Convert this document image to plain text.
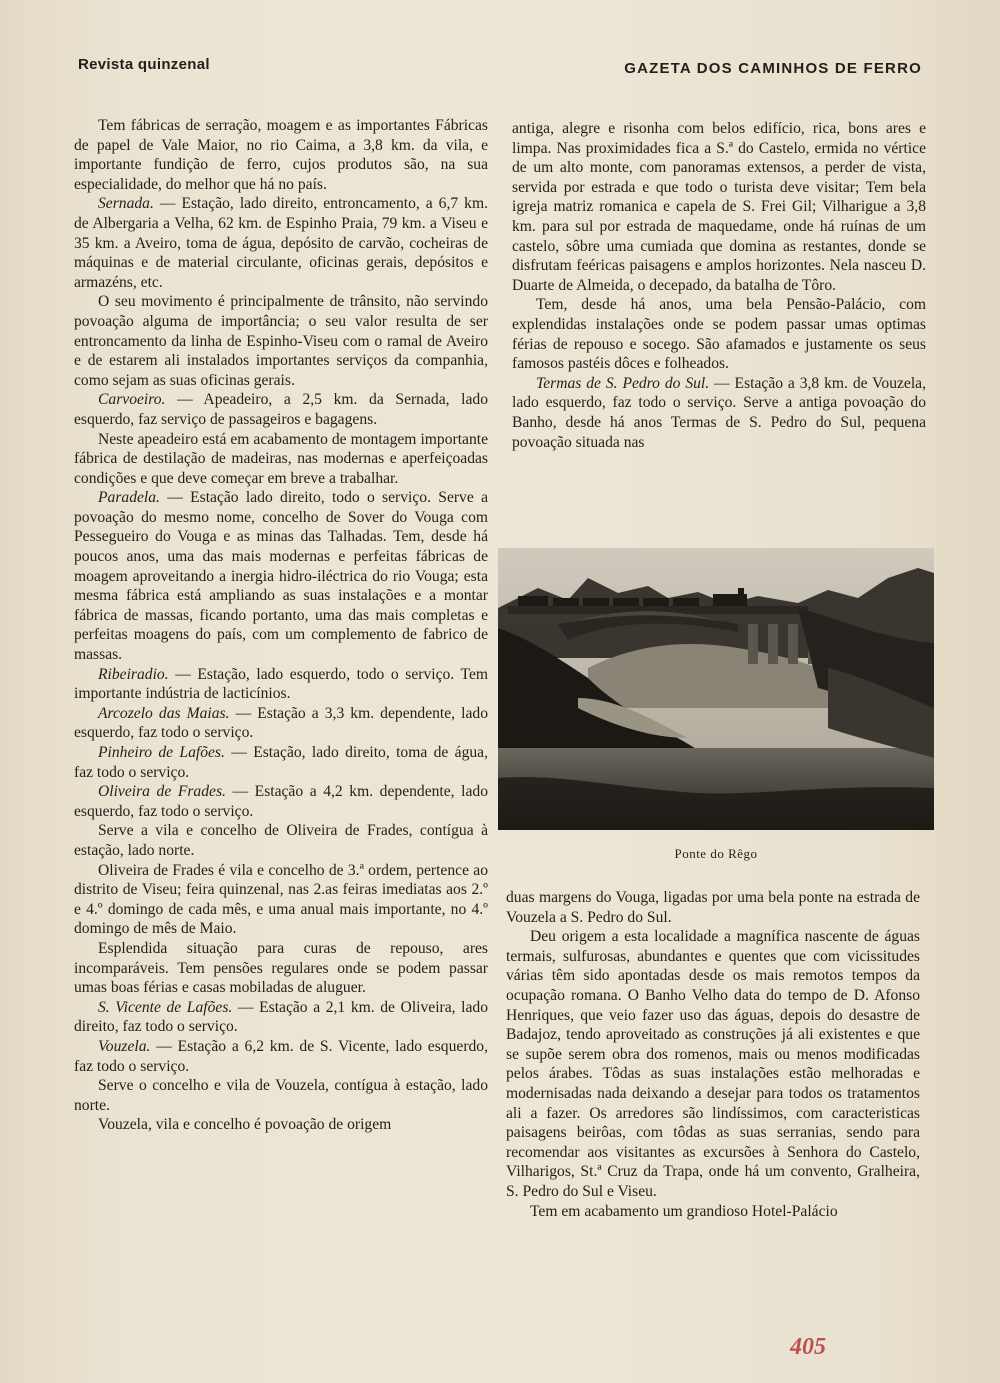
Revista quinzenal	GAZETA DOS CAMINHOS DE FERRO

Tem fábricas de serração, moagem e as importantes Fábricas de papel de Vale Maior, no rio Caima, a 3,8 km. da vila, e importante fundição de ferro, cujos produtos são, na sua especialidade, do melhor que há no país.

Sernada. — Estação, lado direito, entroncamento, a 6,7 km. de Albergaria a Velha, 62 km. de Espinho Praia, 79 km. a Viseu e 35 km. a Aveiro, toma de água, depósito de carvão, cocheiras de máquinas e de material circulante, oficinas gerais, depósitos e armazéns, etc.

O seu movimento é principalmente de trânsito, não servindo povoação alguma de importância; o seu valor resulta de ser entroncamento da linha de Espinho-Viseu com o ramal de Aveiro e de estarem ali instalados importantes serviços da companhia, como sejam as suas oficinas gerais.

Carvoeiro. — Apeadeiro, a 2,5 km. da Sernada, lado esquerdo, faz serviço de passageiros e bagagens.

Neste apeadeiro está em acabamento de montagem importante fábrica de destilação de madeiras, nas modernas e aperfeiçoadas condições e que deve começar em breve a trabalhar.

Paradela. — Estação lado direito, todo o serviço. Serve a povoação do mesmo nome, concelho de Sover do Vouga com Pessegueiro do Vouga e as minas das Talhadas. Tem, desde há poucos anos, uma das mais modernas e perfeitas fábricas de moagem aproveitando a inergia hidro-iléctrica do rio Vouga; esta mesma fábrica está ampliando as suas instalações e a montar fábrica de massas, ficando portanto, uma das mais completas e perfeitas moagens do país, com um complemento de fabrico de massas.

Ribeiradio. — Estação, lado esquerdo, todo o serviço. Tem importante indústria de lacticínios.

Arcozelo das Maias. — Estação a 3,3 km. dependente, lado esquerdo, faz todo o serviço.

Pinheiro de Lafões. — Estação, lado direito, toma de água, faz todo o serviço.

Oliveira de Frades. — Estação a 4,2 km. dependente, lado esquerdo, faz todo o serviço.

Serve a vila e concelho de Oliveira de Frades, contígua à estação, lado norte.

Oliveira de Frades é vila e concelho de 3.ª ordem, pertence ao distrito de Viseu; feira quinzenal, nas 2.as feiras imediatas aos 2.º e 4.º domingo de cada mês, e uma anual mais importante, no 4.º domingo de mês de Maio.

Esplendida situação para curas de repouso, ares incomparáveis. Tem pensões regulares onde se podem passar umas boas férias e casas mobiladas de aluguer.

S. Vicente de Lafões. — Estação a 2,1 km. de Oliveira, lado direito, faz todo o serviço.

Vouzela. — Estação a 6,2 km. de S. Vicente, lado esquerdo, faz todo o serviço.

Serve o concelho e vila de Vouzela, contígua à estação, lado norte.

Vouzela, vila e concelho é povoação de origem

antiga, alegre e risonha com belos edifício, rica, bons ares e limpa. Nas proximidades fica a S.ª do Castelo, ermida no vértice de um alto monte, com panoramas extensos, a perder de vista, servida por estrada e que todo o turista deve visitar; Tem bela igreja matriz romanica e capela de S. Frei Gil; Vilharigue a 3,8 km. para sul por estrada de maquedame, onde há ruínas de um castelo, sôbre uma cumiada que domina as restantes, donde se disfrutam feéricas paisagens e amplos horizontes. Nela nasceu D. Duarte de Almeida, o decepado, da batalha de Tôro.

Tem, desde há anos, uma bela Pensão-Palácio, com explendidas instalações onde se podem passar umas optimas férias de repouso e socego. São afamados e justamente os seus famosos pastéis dôces e folheados.

Termas de S. Pedro do Sul. — Estação a 3,8 km. de Vouzela, lado esquerdo, faz todo o serviço. Serve a antiga povoação do Banho, desde há anos Termas de S. Pedro do Sul, pequena povoação situada nas

Ponte do Rêgo

duas margens do Vouga, ligadas por uma bela ponte na estrada de Vouzela a S. Pedro do Sul.

Deu origem a esta localidade a magnífica nascente de águas termais, sulfurosas, abundantes e quentes que com vicissitudes várias têm sido apontadas desde os mais remotos tempos da ocupação romana. O Banho Velho data do tempo de D. Afonso Henriques, que veio fazer uso das águas, depois do desastre de Badajoz, tendo aproveitado as construções já ali existentes e que se supõe serem obra dos romenos, mais ou menos modificadas pelos árabes. Tôdas as suas instalações estão melhoradas e modernisadas nada deixando a desejar para todos os tratamentos ali a fazer. Os arredores são lindíssimos, com caracteristicas paisagens beirôas, com tôdas as suas serranias, sendo para recomendar aos visitantes as excursões à Senhora do Castelo, Vilharigos, St.ª Cruz da Trapa, onde há um convento, Gralheira, S. Pedro do Sul e Viseu.

Tem em acabamento um grandioso Hotel-Palácio

405
